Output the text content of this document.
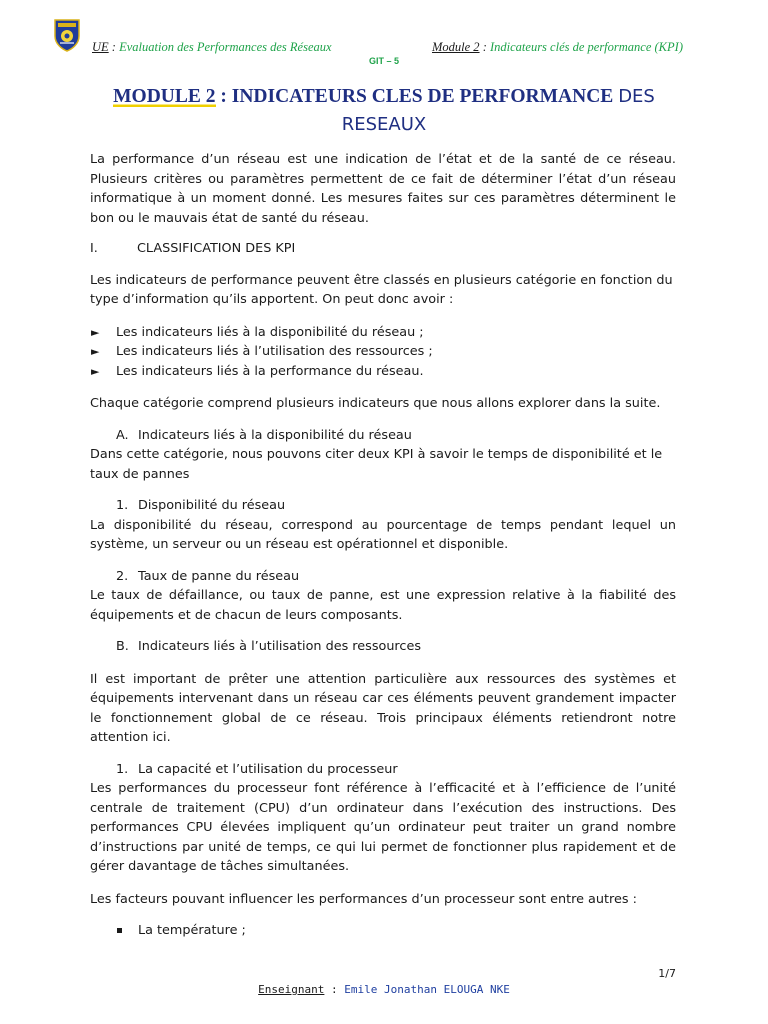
UE : Evaluation des Performances des Réseaux	Module 2 : Indicateurs clés de performance (KPI)
GIT – 5
MODULE 2 : INDICATEURS CLES DE PERFORMANCE DES
RESEAUX

La performance d’un réseau est une indication de l’état et de la santé de ce réseau. Plusieurs critères ou paramètres permettent de ce fait de déterminer l’état d’un réseau informatique à un moment donné. Les mesures faites sur ces paramètres déterminent le bon ou le mauvais état de santé du réseau.

I.	CLASSIFICATION DES KPI

Les indicateurs de performance peuvent être classés en plusieurs catégorie en fonction du type d’information qu’ils apportent. On peut donc avoir :

► Les indicateurs liés à la disponibilité du réseau ;

► Les indicateurs liés à l’utilisation des ressources ;

► Les indicateurs liés à la performance du réseau.

Chaque catégorie comprend plusieurs indicateurs que nous allons explorer dans la suite.

A. Indicateurs liés à la disponibilité du réseau

Dans cette catégorie, nous pouvons citer deux KPI à savoir le temps de disponibilité et le taux de pannes

1. Disponibilité du réseau

La disponibilité du réseau, correspond au pourcentage de temps pendant lequel un système, un serveur ou un réseau est opérationnel et disponible.

2. Taux de panne du réseau

Le taux de défaillance, ou taux de panne, est une expression relative à la fiabilité des équipements et de chacun de leurs composants.

B. Indicateurs liés à l’utilisation des ressources

Il est important de prêter une attention particulière aux ressources des systèmes et équipements intervenant dans un réseau car ces éléments peuvent grandement impacter le fonctionnement global de ce réseau. Trois principaux éléments retiendront notre attention ici.

1. La capacité et l’utilisation du processeur

Les performances du processeur font référence à l’efficacité et à l’efficience de l’unité centrale de traitement (CPU) d’un ordinateur dans l’exécution des instructions. Des performances CPU élevées impliquent qu’un ordinateur peut traiter un grand nombre d’instructions par unité de temps, ce qui lui permet de fonctionner plus rapidement et de gérer davantage de tâches simultanées.

Les facteurs pouvant influencer les performances d’un processeur sont entre autres :

La température ;

1/7
Enseignant : Emile Jonathan ELOUGA NKE
